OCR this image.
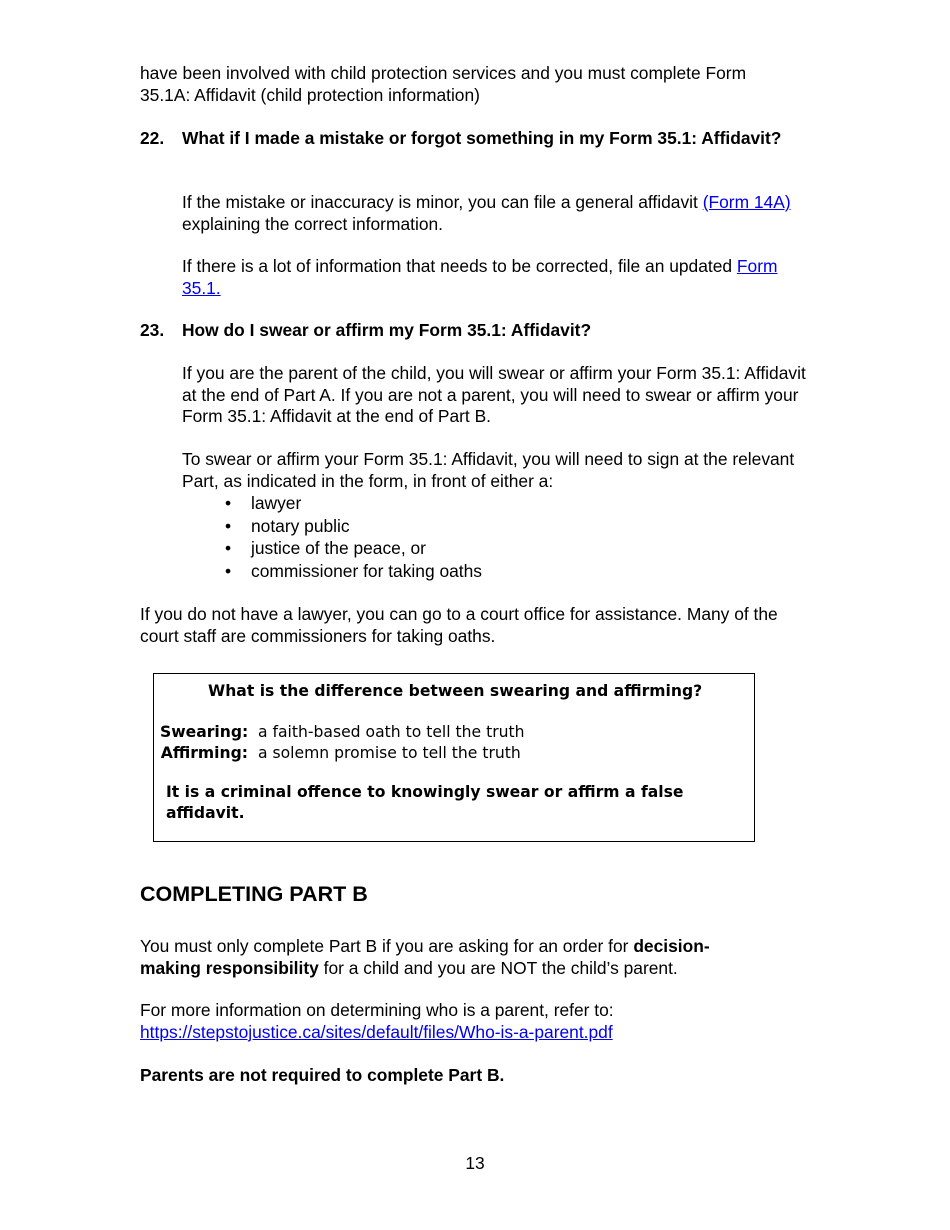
have been involved with child protection services and you must complete Form
35.1A: Affidavit (child protection information)
22. What if I made a mistake or forgot something in my Form 35.1: Affidavit?

If the mistake or inaccuracy is minor, you can file a general affidavit (Form 14A) explaining the correct information.

If there is a lot of information that needs to be corrected, file an updated Form 35.1.

23. How do I swear or affirm my Form 35.1: Affidavit?

If you are the parent of the child, you will swear or affirm your Form 35.1: Affidavit at the end of Part A. If you are not a parent, you will need to swear or affirm your Form 35.1: Affidavit at the end of Part B.

To swear or affirm your Form 35.1: Affidavit, you will need to sign at the relevant Part, as indicated in the form, in front of either a:

• lawyer
• notary public
• justice of the peace, or
• commissioner for taking oaths

If you do not have a lawyer, you can go to a court office for assistance. Many of the court staff are commissioners for taking oaths.

What is the difference between swearing and affirming?
Swearing: a faith-based oath to tell the truth
Affirming: a solemn promise to tell the truth
It is a criminal offence to knowingly swear or affirm a false affidavit.
COMPLETING PART B

You must only complete Part B if you are asking for an order for decision-making responsibility for a child and you are NOT the child’s parent.

For more information on determining who is a parent, refer to:
https://stepstojustice.ca/sites/default/files/Who-is-a-parent.pdf

Parents are not required to complete Part B.

13
